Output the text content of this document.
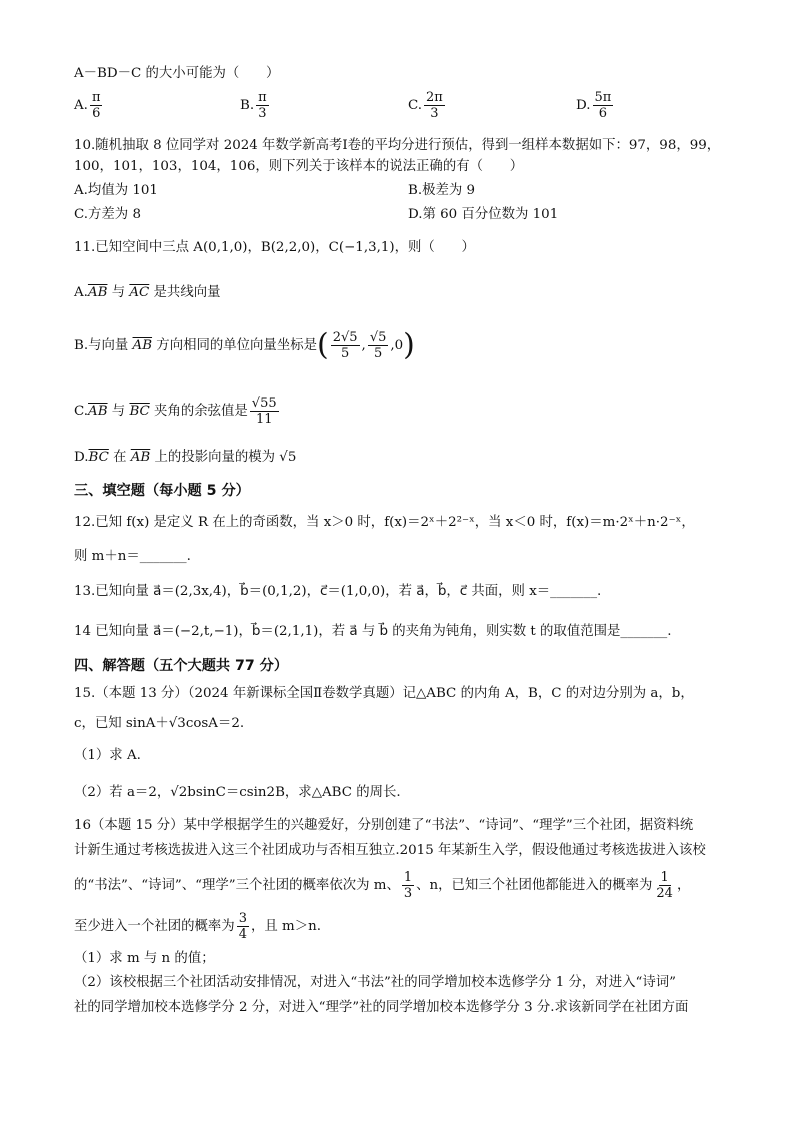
A－BD－C 的大小可能为（　　）
A. $\frac{\pi}{6}$	B. $\frac{\pi}{3}$	C. $\frac{2\pi}{3}$	D. $\frac{5\pi}{6}$
10.随机抽取 8 位同学对 2024 年数学新高考Ⅰ卷的平均分进行预估，得到一组样本数据如下：97，98，99，
100，101，103，104，106，则下列关于该样本的说法正确的有（　　）
A.均值为 101	B.极差为 9
C.方差为 8	D.第 60 百分位数为 101
11.已知空间中三点 A(0,1,0)，B(2,2,0)，C(−1,3,1)，则（　　）
$A.\overline{AB}$ 与 $\overline{AC}$ 是共线向量
B.与向量 $\overline{AB}$ 方向相同的单位向量坐标是( $\frac{2√5}{5}$ , $\frac{√5}{5} ,0$)
$C.\overline{AB}$ 与 $\overline{BC}$ 夹角的余弦值是 $\frac{√55}{11}$
$D.\overline{BC}$ 在 $\overline{AB}$ 上的投影向量的模为 √5
三、填空题（每小题 5 分）
12.已知 f(x) 是定义 R 在上的奇函数，当 x＞0 时，f(x)＝2ˣ＋2²⁻ˣ，当 x＜0 时，f(x)＝m·2ˣ＋n·2⁻ˣ，
则 m＋n＝_______.
13.已知向量 a⃗＝(2,3x,4)，b⃗＝(0,1,2)，c⃗＝(1,0,0)，若 a⃗，b⃗，c⃗ 共面，则 x＝_______.
14 已知向量 a⃗＝(−2,t,−1)，b⃗＝(2,1,1)，若 a⃗ 与 b⃗ 的夹角为钝角，则实数 t 的取值范围是_______.
四、解答题（五个大题共 77 分）
15.（本题 13 分）（2024 年新课标全国Ⅱ卷数学真题）记△ABC 的内角 A，B，C 的对边分别为 a，b，
c，已知 sinA＋√3cosA＝2.
（1）求 A.
（2）若 a＝2，√2bsinC＝csin2B，求△ABC 的周长.
16（本题 15 分）某中学根据学生的兴趣爱好，分别创建了“书法”、“诗词”、“理学”三个社团，据资料统
计新生通过考核选拔进入这三个社团成功与否相互独立.2015 年某新生入学，假设他通过考核选拔进入该校
的“书法”、“诗词”、“理学”三个社团的概率依次为 m、 $\frac{1}{3}$ 、n，已知三个社团他都能进入的概率为 $\frac{1}{24}$ ，
至少进入一个社团的概率为 $\frac{3}{4}$ ，且 m＞n.
（1）求 m 与 n 的值；
（2）该校根据三个社团活动安排情况，对进入“书法”社的同学增加校本选修学分 1 分，对进入“诗词”
社的同学增加校本选修学分 2 分，对进入“理学”社的同学增加校本选修学分 3 分.求该新同学在社团方面
